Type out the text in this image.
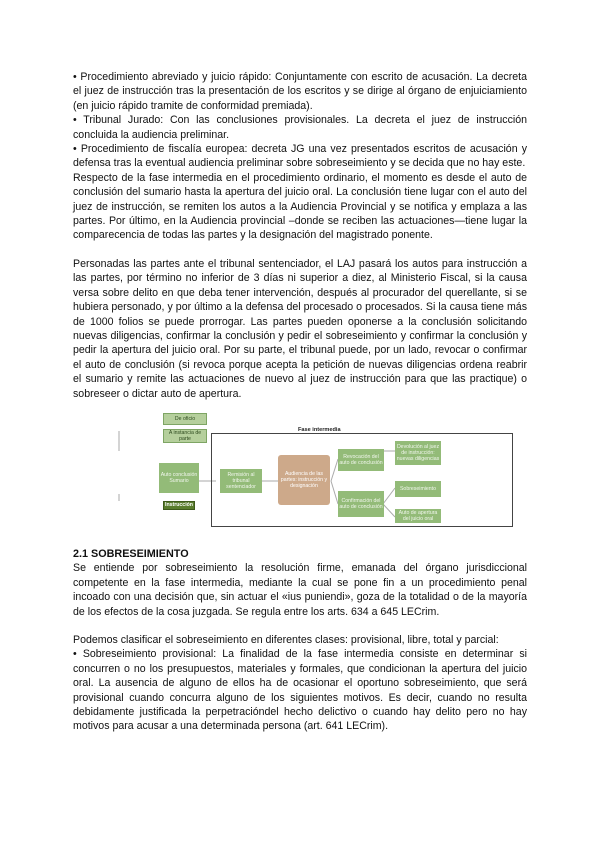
• Procedimiento abreviado y juicio rápido: Conjuntamente con escrito de acusación. La decreta el juez de instrucción tras la presentación de los escritos y se dirige al órgano de enjuiciamiento (en juicio rápido tramite de conformidad premiada).

• Tribunal Jurado: Con las conclusiones provisionales. La decreta el juez de instrucción concluida la audiencia preliminar.

• Procedimiento de fiscalía europea: decreta JG una vez presentados escritos de acusación y defensa tras la eventual audiencia preliminar sobre sobreseimiento y se decida que no hay este.

Respecto de la fase intermedia en el procedimiento ordinario, el momento es desde el auto de conclusión del sumario hasta la apertura del juicio oral. La conclusión tiene lugar con el auto del juez de instrucción, se remiten los autos a la Audiencia Provincial y se notifica y emplaza a las partes. Por último, en la Audiencia provincial –donde se reciben las actuaciones—tiene lugar la comparecencia de todas las partes y la designación del magistrado ponente.

Personadas las partes ante el tribunal sentenciador, el LAJ pasará los autos para instrucción a las partes, por término no inferior de 3 días ni superior a diez, al Ministerio Fiscal, si la causa versa sobre delito en que deba tener intervención, después al procurador del querellante, si se hubiera personado, y por último a la defensa del procesado o procesados. Si la causa tiene más de 1000 folios se puede prorrogar. Las partes pueden oponerse a la conclusión solicitando nuevas diligencias, confirmar la conclusión y pedir el sobreseimiento y confirmar la conclusión y pedir la apertura del juicio oral. Por su parte, el tribunal puede, por un lado, revocar o confirmar el auto de conclusión (si revoca porque acepta la petición de nuevas diligencias ordena reabrir el sumario y remite las actuaciones de nuevo al juez de instrucción para que las practique) o sobreseer o dictar auto de apertura.

De oficio
A instancia de parte
Fase intermedia
Auto conclusión Sumario
Instrucción
Remisión al tribunal sentenciador
Audiencia de las partes: instrucción y designación
Revocación del auto de conclusión
Confirmación del auto de conclusión
Devolución al juez de instrucción: nuevas diligencias
Sobreseimiento
Auto de apertura del juicio oral
2.1 SOBRESEIMIENTO

Se entiende por sobreseimiento la resolución firme, emanada del órgano jurisdiccional competente en la fase intermedia, mediante la cual se pone fin a un procedimiento penal incoado con una decisión que, sin actuar el «ius puniendi», goza de la totalidad o de la mayoría de los efectos de la cosa juzgada. Se regula entre los arts. 634 a 645 LECrim.

Podemos clasificar el sobreseimiento en diferentes clases: provisional, libre, total y parcial:

• Sobreseimiento provisional: La finalidad de la fase intermedia consiste en determinar si concurren o no los presupuestos, materiales y formales, que condicionan la apertura del juicio oral. La ausencia de alguno de ellos ha de ocasionar el oportuno sobreseimiento, que será provisional cuando concurra alguno de los siguientes motivos. Es decir, cuando no resulta debidamente justificada la perpetracióndel hecho delictivo o cuando hay delito pero no hay motivos para acusar a una determinada persona (art. 641 LECrim).
